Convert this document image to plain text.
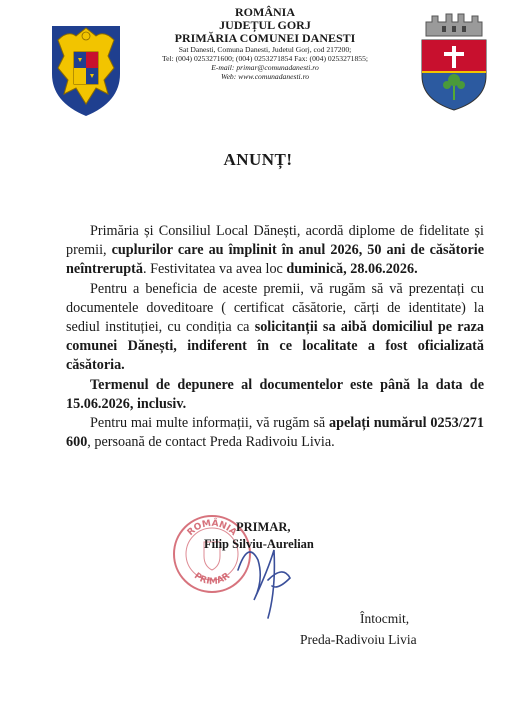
ROMÂNIA
JUDEȚUL GORJ
PRIMĂRIA COMUNEI DANESTI
Sat Danesti, Comuna Danesti, Judetul Gorj, cod 217200;
Tel: (004) 0253271600; (004) 0253271854 Fax: (004) 0253271855;
E-mail: primar@comunadanesti.ro
Web: www.comunadanesti.ro
ANUNȚ!

Primăria și Consiliul Local Dănești, acordă diplome de fidelitate și premii, cuplurilor care au împlinit în anul 2026, 50 ani de căsătorie neîntreruptă. Festivitatea va avea loc duminică, 28.06.2026.

Pentru a beneficia de aceste premii, vă rugăm să vă prezentați cu documentele doveditoare ( certificat căsătorie, cărți de identitate) la sediul instituției, cu condiția ca solicitanții sa aibă domiciliul pe raza comunei Dănești, indiferent în ce localitate a fost oficializată căsătoria.

Termenul de depunere al documentelor este până la data de 15.06.2026, inclusiv.

Pentru mai multe informații, vă rugăm să apelați numărul 0253/271 600, persoană de contact Preda Radivoiu Livia.

ROMÂNIA
PRIMAR
PRIMAR,
Filip Silviu-Aurelian
Întocmit,
Preda-Radivoiu Livia
